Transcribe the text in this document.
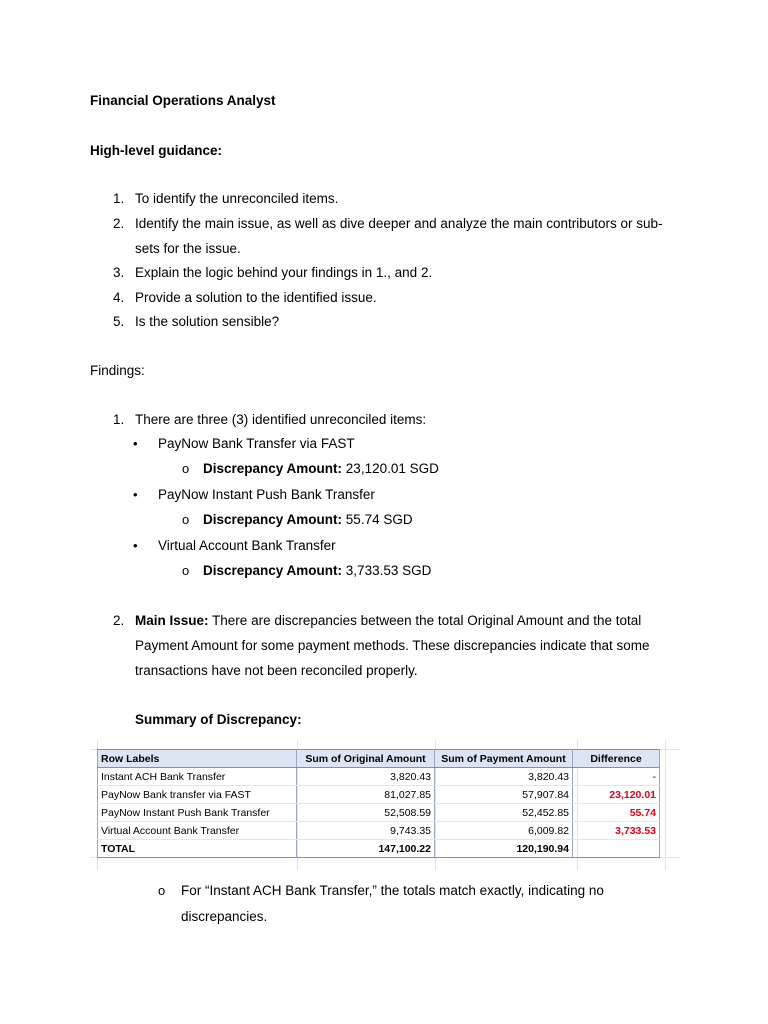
Financial Operations Analyst
High-level guidance:
1. To identify the unreconciled items.
2. Identify the main issue, as well as dive deeper and analyze the main contributors or sub-
sets for the issue.
3. Explain the logic behind your findings in 1., and 2.
4. Provide a solution to the identified issue.
5. Is the solution sensible?
Findings:
1. There are three (3) identified unreconciled items:
• PayNow Bank Transfer via FAST
o Discrepancy Amount: 23,120.01 SGD
• PayNow Instant Push Bank Transfer
o Discrepancy Amount: 55.74 SGD
• Virtual Account Bank Transfer
o Discrepancy Amount: 3,733.53 SGD
2. Main Issue: There are discrepancies between the total Original Amount and the total
Payment Amount for some payment methods. These discrepancies indicate that some
transactions have not been reconciled properly.
Summary of Discrepancy:
Row Labels	Sum of Original Amount	Sum of Payment Amount	Difference
Instant ACH Bank Transfer	3,820.43	3,820.43	-
PayNow Bank transfer via FAST	81,027.85	57,907.84	23,120.01
PayNow Instant Push Bank Transfer	52,508.59	52,452.85	55.74
Virtual Account Bank Transfer	9,743.35	6,009.82	3,733.53
TOTAL	147,100.22	120,190.94	
o For “Instant ACH Bank Transfer,” the totals match exactly, indicating no
discrepancies.
